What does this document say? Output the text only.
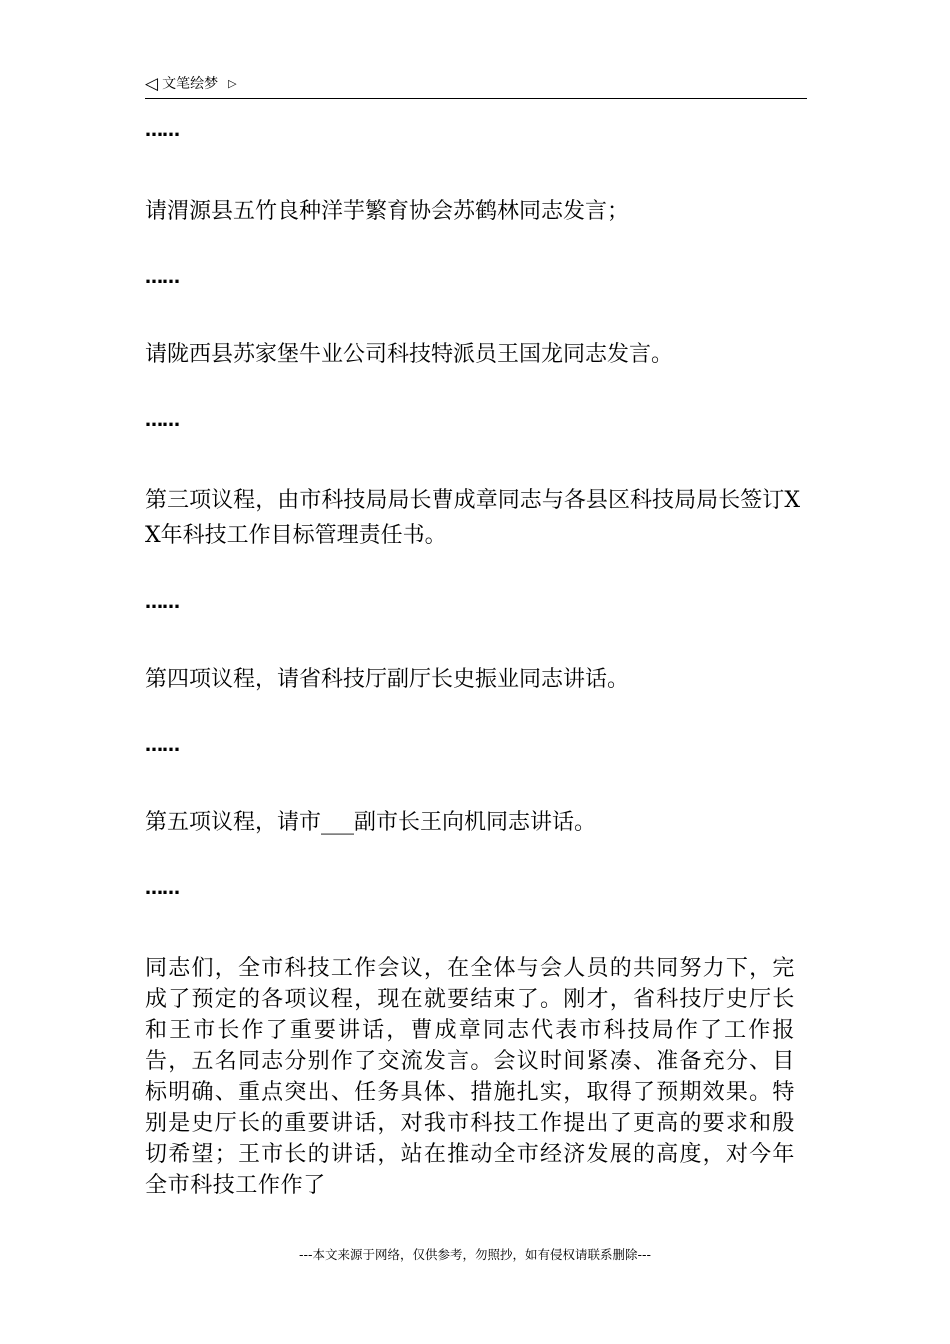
◁ 文笔绘梦 ▷
……
请渭源县五竹良种洋芋繁育协会苏鹤林同志发言；
……
请陇西县苏家堡牛业公司科技特派员王国龙同志发言。
……
第三项议程，由市科技局局长曹成章同志与各县区科技局局长签订XX年科技工作目标管理责任书。
……
第四项议程，请省科技厅副厅长史振业同志讲话。
……
第五项议程，请市___副市长王向机同志讲话。
……
同志们，全市科技工作会议，在全体与会人员的共同努力下，完成了预定的各项议程，现在就要结束了。刚才，省科技厅史厅长和王市长作了重要讲话，曹成章同志代表市科技局作了工作报告，五名同志分别作了交流发言。会议时间紧凑、准备充分、目标明确、重点突出、任务具体、措施扎实，取得了预期效果。特别是史厅长的重要讲话，对我市科技工作提出了更高的要求和殷切希望；王市长的讲话，站在推动全市经济发展的高度，对今年全市科技工作作了
---本文来源于网络，仅供参考，勿照抄，如有侵权请联系删除---
